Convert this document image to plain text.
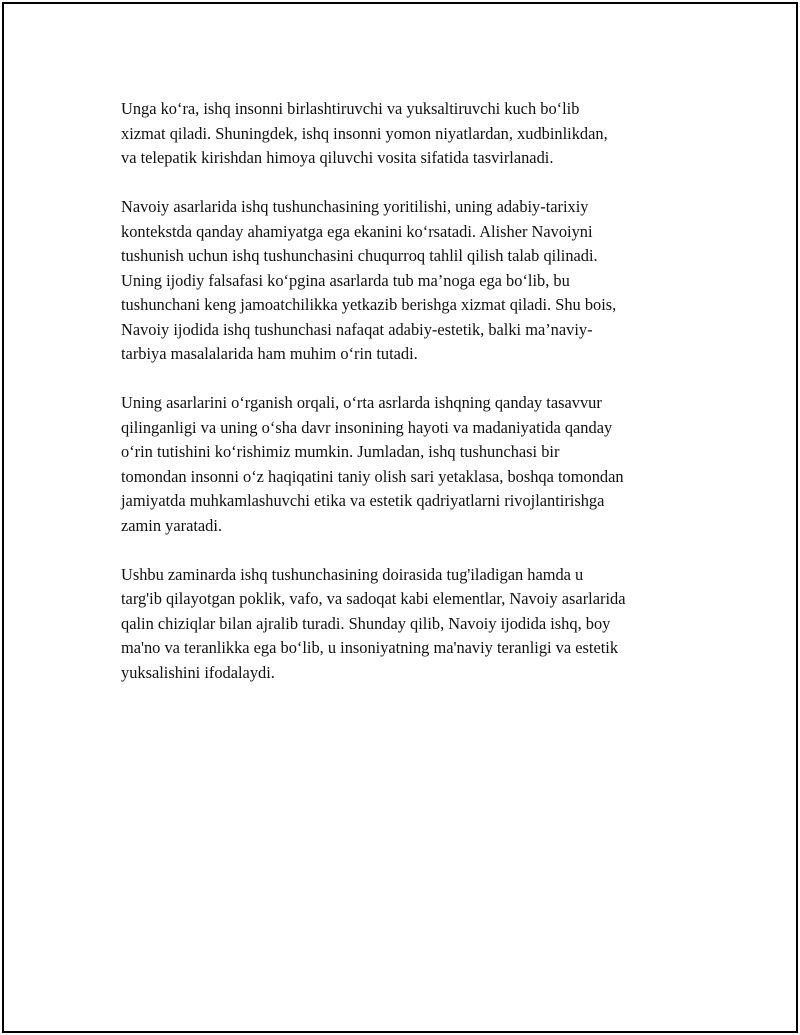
Unga ko‘ra, ishq insonni birlashtiruvchi va yuksaltiruvchi kuch bo‘lib
xizmat qiladi. Shuningdek, ishq insonni yomon niyatlardan, xudbinlikdan,
va telepatik kirishdan himoya qiluvchi vosita sifatida tasvirlanadi.

Navoiy asarlarida ishq tushunchasining yoritilishi, uning adabiy-tarixiy
kontekstda qanday ahamiyatga ega ekanini ko‘rsatadi. Alisher Navoiyni
tushunish uchun ishq tushunchasini chuqurroq tahlil qilish talab qilinadi.
Uning ijodiy falsafasi ko‘pgina asarlarda tub ma’noga ega bo‘lib, bu
tushunchani keng jamoatchilikka yetkazib berishga xizmat qiladi. Shu bois,
Navoiy ijodida ishq tushunchasi nafaqat adabiy-estetik, balki ma’naviy-
tarbiya masalalarida ham muhim o‘rin tutadi.

Uning asarlarini o‘rganish orqali, o‘rta asrlarda ishqning qanday tasavvur
qilinganligi va uning o‘sha davr insonining hayoti va madaniyatida qanday
o‘rin tutishini ko‘rishimiz mumkin. Jumladan, ishq tushunchasi bir
tomondan insonni o‘z haqiqatini taniy olish sari yetaklasa, boshqa tomondan
jamiyatda muhkamlashuvchi etika va estetik qadriyatlarni rivojlantirishga
zamin yaratadi.

Ushbu zaminarda ishq tushunchasining doirasida tug'iladigan hamda u
targ'ib qilayotgan poklik, vafo, va sadoqat kabi elementlar, Navoiy asarlarida
qalin chiziqlar bilan ajralib turadi. Shunday qilib, Navoiy ijodida ishq, boy
ma'no va teranlikka ega bo‘lib, u insoniyatning ma'naviy teranligi va estetik
yuksalishini ifodalaydi.
